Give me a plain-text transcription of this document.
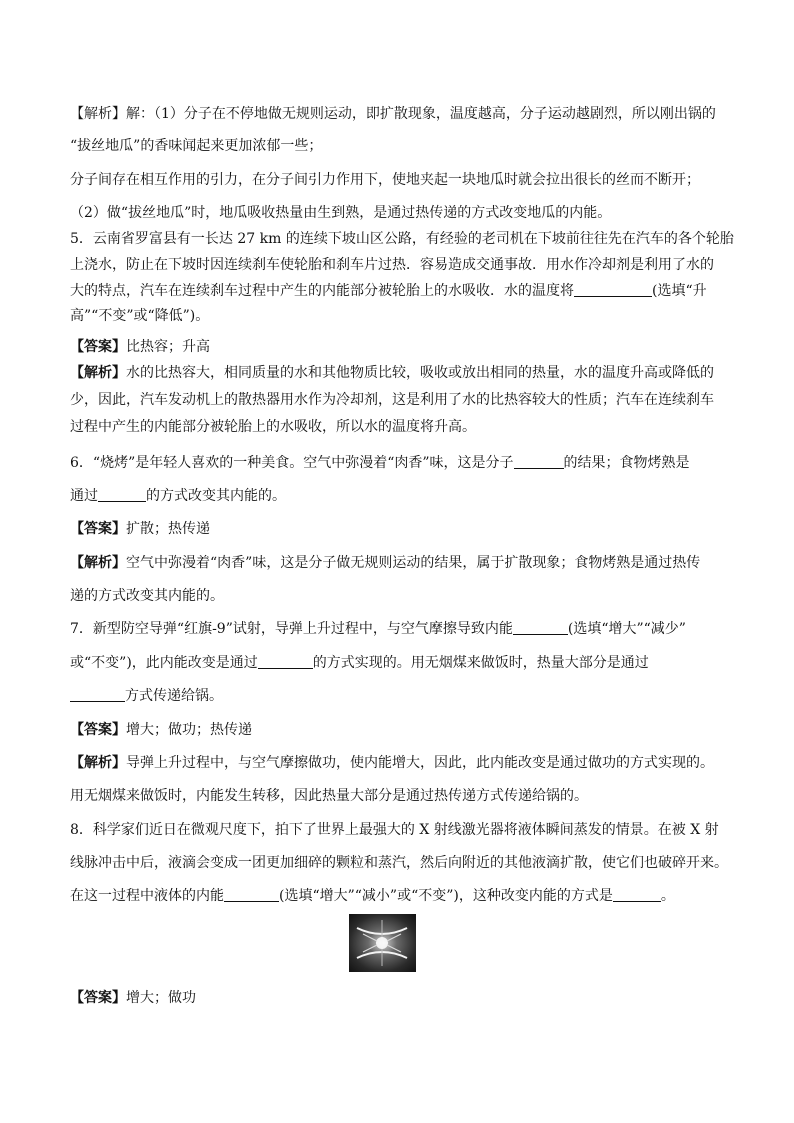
【解析】解：（1）分子在不停地做无规则运动，即扩散现象，温度越高，分子运动越剧烈，所以刚出锅的
“拔丝地瓜”的香味闻起来更加浓郁一些；
分子间存在相互作用的引力，在分子间引力作用下，使地夹起一块地瓜时就会拉出很长的丝而不断开；
（2）做“拔丝地瓜”时，地瓜吸收热量由生到熟，是通过热传递的方式改变地瓜的内能。
5．云南省罗富县有一长达 27 km 的连续下坡山区公路，有经验的老司机在下坡前往往先在汽车的各个轮胎
上浇水，防止在下坡时因连续刹车使轮胎和刹车片过热．容易造成交通事故．用水作冷却剂是利用了水的
大的特点，汽车在连续刹车过程中产生的内能部分被轮胎上的水吸收．水的温度将	(选填“升
高”“不变”或“降低”)。
【答案】比热容；升高
【解析】水的比热容大，相同质量的水和其他物质比较，吸收或放出相同的热量，水的温度升高或降低的
少，因此，汽车发动机上的散热器用水作为冷却剂，这是利用了水的比热容较大的性质；汽车在连续刹车
过程中产生的内能部分被轮胎上的水吸收，所以水的温度将升高。
6．“烧烤”是年轻人喜欢的一种美食。空气中弥漫着“肉香”味，这是分子	的结果；食物烤熟是
通过	的方式改变其内能的。
【答案】扩散；热传递
【解析】空气中弥漫着“肉香”味，这是分子做无规则运动的结果，属于扩散现象；食物烤熟是通过热传
递的方式改变其内能的。
7．新型防空导弹“红旗-9”试射，导弹上升过程中，与空气摩擦导致内能	(选填“增大”“减少”
或“不变”)，此内能改变是通过	的方式实现的。用无烟煤来做饭时，热量大部分是通过
方式传递给锅。
【答案】增大；做功；热传递
【解析】导弹上升过程中，与空气摩擦做功，使内能增大，因此，此内能改变是通过做功的方式实现的。
用无烟煤来做饭时，内能发生转移，因此热量大部分是通过热传递方式传递给锅的。
8．科学家们近日在微观尺度下，拍下了世界上最强大的 X 射线激光器将液体瞬间蒸发的情景。在被 X 射
线脉冲击中后，液滴会变成一团更加细碎的颗粒和蒸汽，然后向附近的其他液滴扩散，使它们也破碎开来。
在这一过程中液体的内能	(选填“增大”“减小”或“不变”)，这种改变内能的方式是	。
【答案】增大；做功
